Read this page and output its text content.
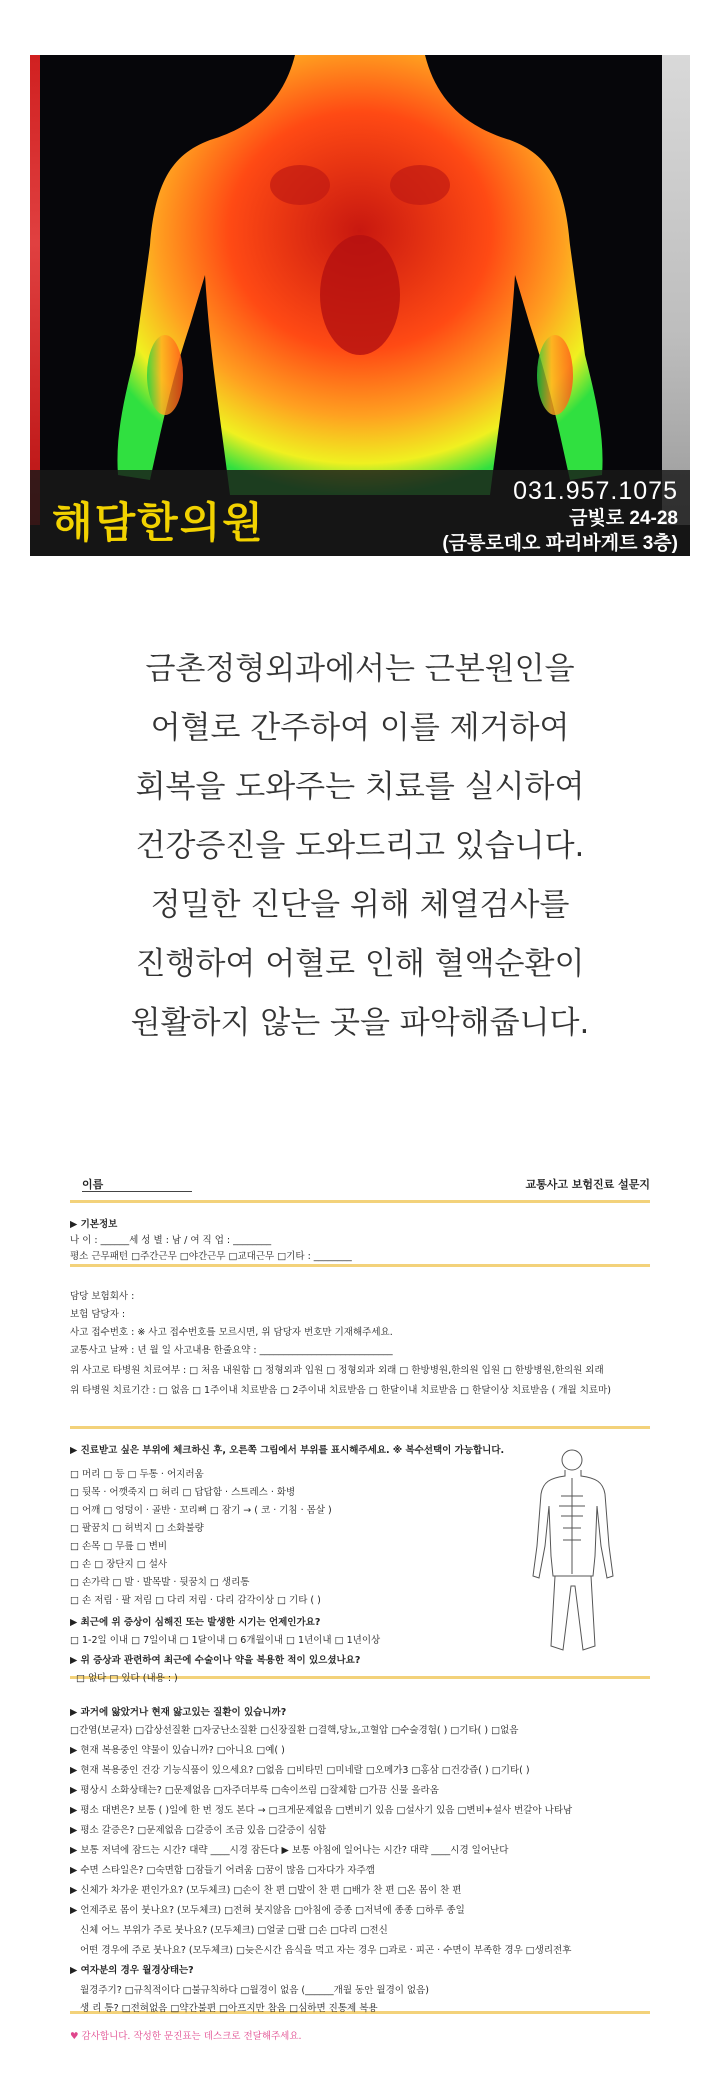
해담한의원
031.957.1075
금빛로 24-28
(금릉로데오 파리바게트 3층)
금촌정형외과에서는 근본원인을
어혈로 간주하여 이를 제거하여
회복을 도와주는 치료를 실시하여
건강증진을 도와드리고 있습니다.
정밀한 진단을 위해 체열검사를
진행하여 어혈로 인해 혈액순환이
원활하지 않는 곳을 파악해줍니다.
이름	교통사고 보험진료 설문지
▶ 기본정보
나 이 : ______세 성 별 : 남 / 여 직 업 : ________
평소 근무패턴 □주간근무 □야간근무 □교대근무 □기타 : ________
담당 보험회사 :
보험 담당자 :
사고 접수번호 : ※ 사고 접수번호를 모르시면, 위 담당자 번호만 기재해주세요.
교통사고 날짜 : 년 월 일 사고내용 한줄요약 : ____________________________
위 사고로 타병원 치료여부 : □ 처음 내원함 □ 정형외과 입원 □ 정형외과 외래 □ 한방병원,한의원 입원 □ 한방병원,한의원 외래
위 타병원 치료기간 : □ 없음 □ 1주이내 치료받음 □ 2주이내 치료받음 □ 한달이내 치료받음 □ 한달이상 치료받음 ( 개월 치료마)
▶ 진료받고 싶은 부위에 체크하신 후, 오른쪽 그림에서 부위를 표시해주세요. ※ 복수선택이 가능합니다.
□ 머리 □ 등 □ 두통 · 어지러움
□ 뒷목 · 어깻죽지 □ 허리 □ 답답함 · 스트레스 · 화병
□ 어깨 □ 엉덩이 · 골반 · 꼬리뼈 □ 잠기 → ( 코 · 기침 · 몸살 )
□ 팔꿈치 □ 허벅지 □ 소화불량
□ 손목 □ 무릎 □ 변비
□ 손 □ 장단지 □ 설사
□ 손가락 □ 발 · 발목발 · 뒷꿈치 □ 생리통
□ 손 저림 · 팔 저림 □ 다리 저림 · 다리 감각이상 □ 기타 ( )
▶ 최근에 위 증상이 심해진 또는 발생한 시기는 언제인가요?
□ 1-2일 이내 □ 7일이내 □ 1달이내 □ 6개월이내 □ 1년이내 □ 1년이상
▶ 위 증상과 관련하여 최근에 수술이나 약을 복용한 적이 있으셨나요?
□ 없다 □ 있다 (내용 : )
▶ 과거에 앓았거나 현재 앓고있는 질환이 있습니까?
□간염(보균자) □갑상선질환 □자궁난소질환 □신장질환 □결핵,당뇨,고혈압 □수술경험( ) □기타( ) □없음
▶ 현재 복용중인 약물이 있습니까? □아니요 □예( )
▶ 현재 복용중인 건강 기능식품이 있으세요? □없음 □비타민 □미네랄 □오메가3 □홍삼 □건강즙( ) □기타( )
▶ 평상시 소화상태는? □문제없음 □자주더부룩 □속이쓰림 □잘체함 □가끔 신물 올라옴
▶ 평소 대변은? 보통 ( )일에 한 번 정도 본다 → □크게문제없음 □변비기 있음 □설사기 있음 □변비+설사 번갈아 나타남
▶ 평소 갈증은? □문제없음 □갈증이 조금 있음 □갈증이 심함
▶ 보통 저녁에 잠드는 시간? 대략 ____시경 잠든다 ▶ 보통 아침에 일어나는 시간? 대략 ____시경 일어난다
▶ 수면 스타일은? □숙면함 □잠들기 어려움 □꿈이 많음 □자다가 자주깸
▶ 신체가 차가운 편인가요? (모두체크) □손이 찬 편 □발이 찬 편 □배가 찬 편 □온 몸이 찬 편
▶ 언제주로 몸이 붓나요? (모두체크) □전혀 붓지않음 □아침에 증종 □저녁에 종종 □하루 종일
신체 어느 부위가 주로 붓나요? (모두체크) □얼굴 □팔 □손 □다리 □전신
어떤 경우에 주로 붓나요? (모두체크) □늦은시간 음식을 먹고 자는 경우 □과로 · 피곤 · 수면이 부족한 경우 □생리전후
▶ 여자분의 경우 월경상태는?
월경주기? □규칙적이다 □불규칙하다 □월경이 없음 (______개월 동안 월경이 없음)
생 리 통? □전혀없음 □약간불편 □아프지만 참음 □심하면 진통제 복용
♥ 감사합니다. 작성한 문진표는 데스크로 전달해주세요.
